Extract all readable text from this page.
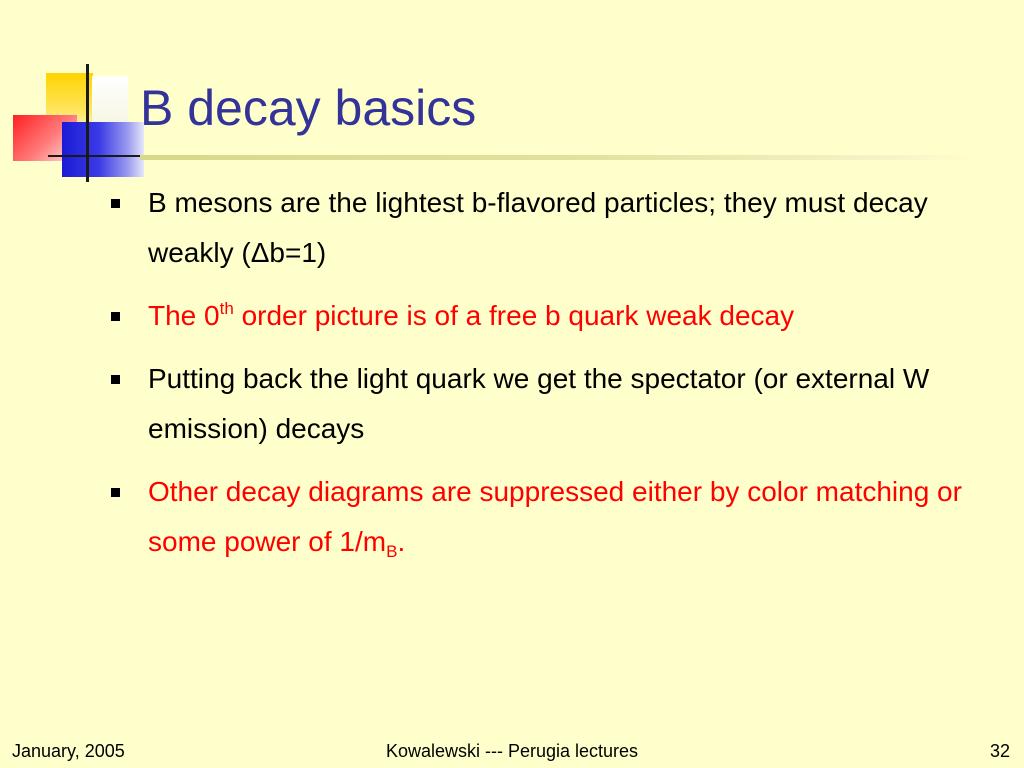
B decay basics
B mesons are the lightest b-flavored particles; they must decay weakly (Δb=1)
The 0th order picture is of a free b quark weak decay
Putting back the light quark we get the spectator (or external W emission) decays
Other decay diagrams are suppressed either by color matching or some power of $1/m_B$.
January, 2005	Kowalewski --- Perugia lectures	32
